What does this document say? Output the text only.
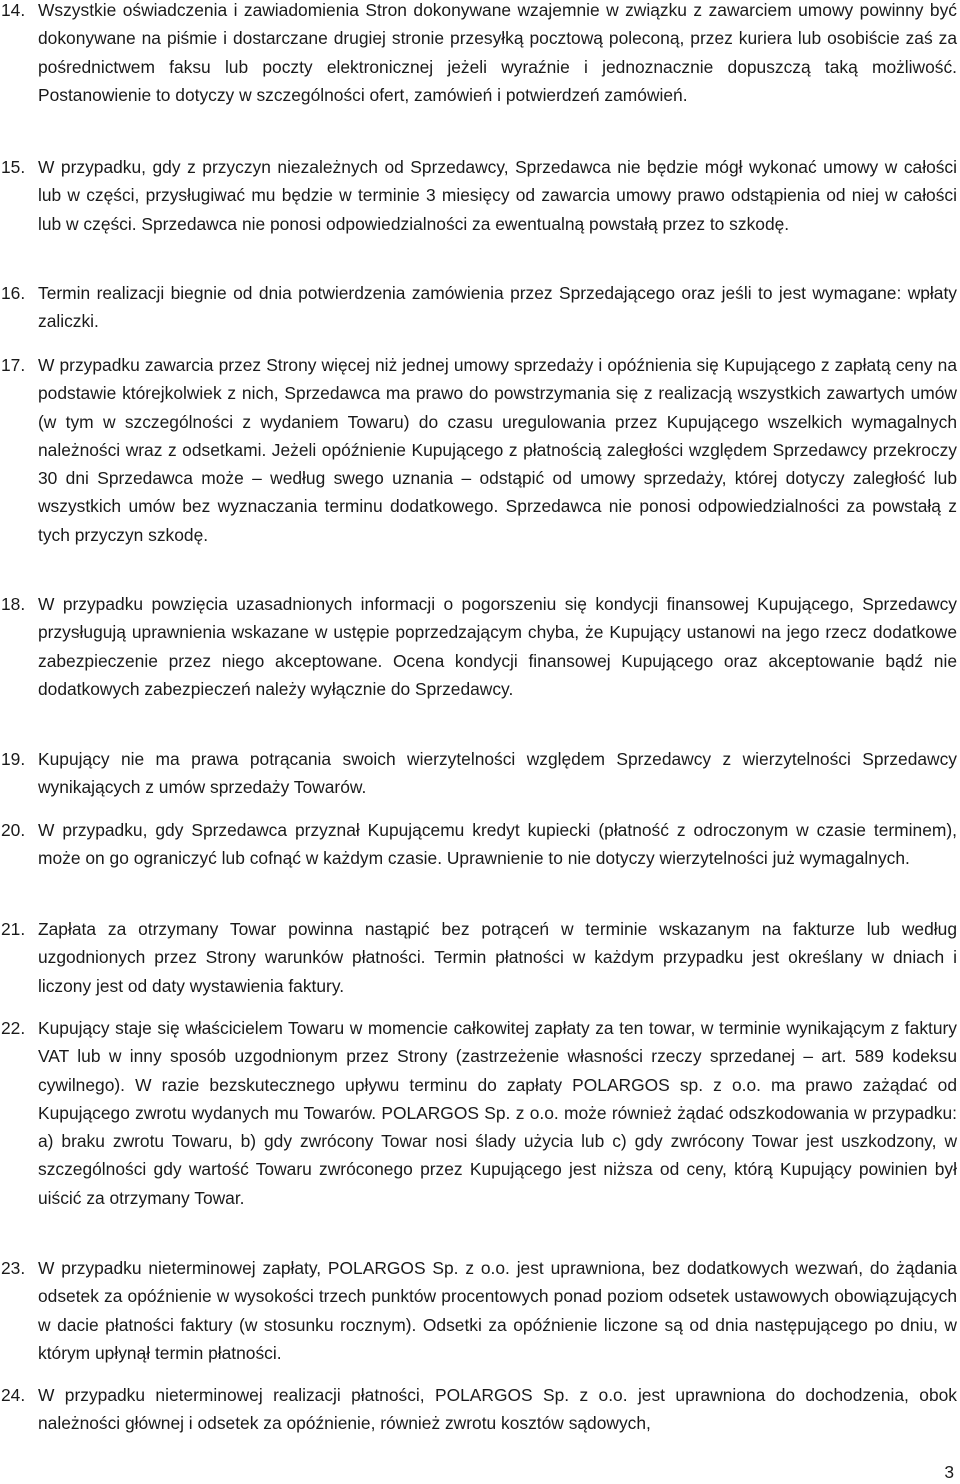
14. Wszystkie oświadczenia i zawiadomienia Stron dokonywane wzajemnie w związku z zawarciem umowy powinny być dokonywane na piśmie i dostarczane drugiej stronie przesyłką pocztową poleconą, przez kuriera lub osobiście zaś za pośrednictwem faksu lub poczty elektronicznej jeżeli wyraźnie i jednoznacznie dopuszczą taką możliwość. Postanowienie to dotyczy w szczególności ofert, zamówień i potwierdzeń zamówień.
15. W przypadku, gdy z przyczyn niezależnych od Sprzedawcy, Sprzedawca nie będzie mógł wykonać umowy w całości lub w części, przysługiwać mu będzie w terminie 3 miesięcy od zawarcia umowy prawo odstąpienia od niej w całości lub w części. Sprzedawca nie ponosi odpowiedzialności za ewentualną powstałą przez to szkodę.
16. Termin realizacji biegnie od dnia potwierdzenia zamówienia przez Sprzedającego oraz jeśli to jest wymagane: wpłaty zaliczki.
17. W przypadku zawarcia przez Strony więcej niż jednej umowy sprzedaży i opóźnienia się Kupującego z zapłatą ceny na podstawie którejkolwiek z nich, Sprzedawca ma prawo do powstrzymania się z realizacją wszystkich zawartych umów (w tym w szczególności z wydaniem Towaru) do czasu uregulowania przez Kupującego wszelkich wymagalnych należności wraz z odsetkami. Jeżeli opóźnienie Kupującego z płatnością zaległości względem Sprzedawcy przekroczy 30 dni Sprzedawca może – według swego uznania – odstąpić od umowy sprzedaży, której dotyczy zaległość lub wszystkich umów bez wyznaczania terminu dodatkowego. Sprzedawca nie ponosi odpowiedzialności za powstałą z tych przyczyn szkodę.
18. W przypadku powzięcia uzasadnionych informacji o pogorszeniu się kondycji finansowej Kupującego, Sprzedawcy przysługują uprawnienia wskazane w ustępie poprzedzającym chyba, że Kupujący ustanowi na jego rzecz dodatkowe zabezpieczenie przez niego akceptowane. Ocena kondycji finansowej Kupującego oraz akceptowanie bądź nie dodatkowych zabezpieczeń należy wyłącznie do Sprzedawcy.
19. Kupujący nie ma prawa potrącania swoich wierzytelności względem Sprzedawcy z wierzytelności Sprzedawcy wynikających z umów sprzedaży Towarów.
20. W przypadku, gdy Sprzedawca przyznał Kupującemu kredyt kupiecki (płatność z odroczonym w czasie terminem), może on go ograniczyć lub cofnąć w każdym czasie. Uprawnienie to nie dotyczy wierzytelności już wymagalnych.
21. Zapłata za otrzymany Towar powinna nastąpić bez potrąceń w terminie wskazanym na fakturze lub według uzgodnionych przez Strony warunków płatności. Termin płatności w każdym przypadku jest określany w dniach i liczony jest od daty wystawienia faktury.
22. Kupujący staje się właścicielem Towaru w momencie całkowitej zapłaty za ten towar, w terminie wynikającym z faktury VAT lub w inny sposób uzgodnionym przez Strony (zastrzeżenie własności rzeczy sprzedanej – art. 589 kodeksu cywilnego). W razie bezskutecznego upływu terminu do zapłaty POLARGOS sp. z o.o. ma prawo zażądać od Kupującego zwrotu wydanych mu Towarów. POLARGOS Sp. z o.o. może również żądać odszkodowania w przypadku: a) braku zwrotu Towaru, b) gdy zwrócony Towar nosi ślady użycia lub c) gdy zwrócony Towar jest uszkodzony, w szczególności gdy wartość Towaru zwróconego przez Kupującego jest niższa od ceny, którą Kupujący powinien był uiścić za otrzymany Towar.
23. W przypadku nieterminowej zapłaty, POLARGOS Sp. z o.o. jest uprawniona, bez dodatkowych wezwań, do żądania odsetek za opóźnienie w wysokości trzech punktów procentowych ponad poziom odsetek ustawowych obowiązujących w dacie płatności faktury (w stosunku rocznym). Odsetki za opóźnienie liczone są od dnia następującego po dniu, w którym upłynął termin płatności.
24. W przypadku nieterminowej realizacji płatności, POLARGOS Sp. z o.o. jest uprawniona do dochodzenia, obok należności głównej i odsetek za opóźnienie, również zwrotu kosztów sądowych,
3
